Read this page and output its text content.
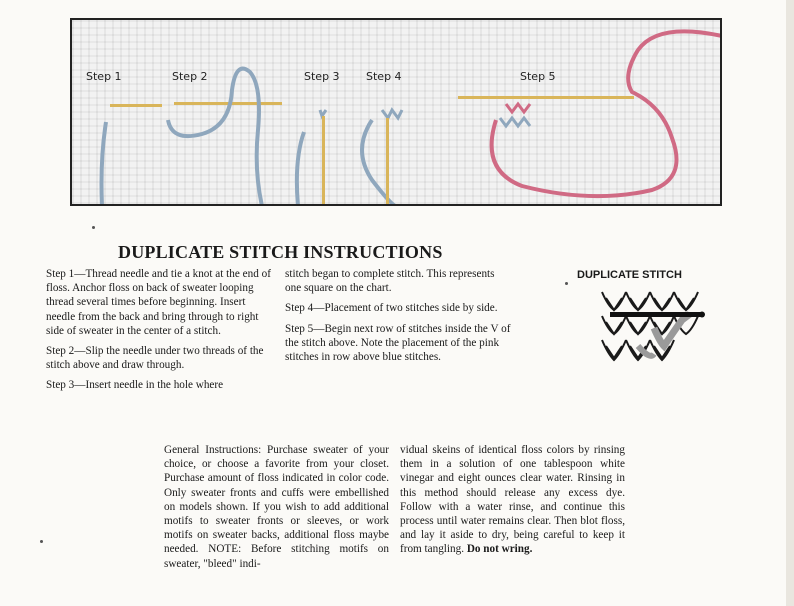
Step 1	Step 2	Step 3 Step 4	Step 5
DUPLICATE STITCH INSTRUCTIONS

Step 1—Thread needle and tie a knot at the end of floss. Anchor floss on back of sweater looping thread several times before beginning. Insert needle from the back and bring through to right side of sweater in the center of a stitch.

Step 2—Slip the needle under two threads of the stitch above and draw through.

Step 3—Insert needle in the hole where

stitch began to complete stitch. This represents one square on the chart.

Step 4—Placement of two stitches side by side.

Step 5—Begin next row of stitches inside the V of the stitch above. Note the placement of the pink stitches in row above blue stitches.

DUPLICATE STITCH

General Instructions: Purchase sweater of your choice, or choose a favorite from your closet. Purchase amount of floss indicated in color code. Only sweater fronts and cuffs were embellished on models shown. If you wish to add additional motifs to sweater fronts or sleeves, or work motifs on sweater backs, additional floss maybe needed. NOTE: Before stitching motifs on sweater, "bleed" indi-

vidual skeins of identical floss colors by rinsing them in a solution of one tablespoon white vinegar and eight ounces clear water. Rinsing in this method should release any excess dye. Follow with a water rinse, and continue this process until water remains clear. Then blot floss, and lay it aside to dry, being careful to keep it from tangling. Do not wring.
